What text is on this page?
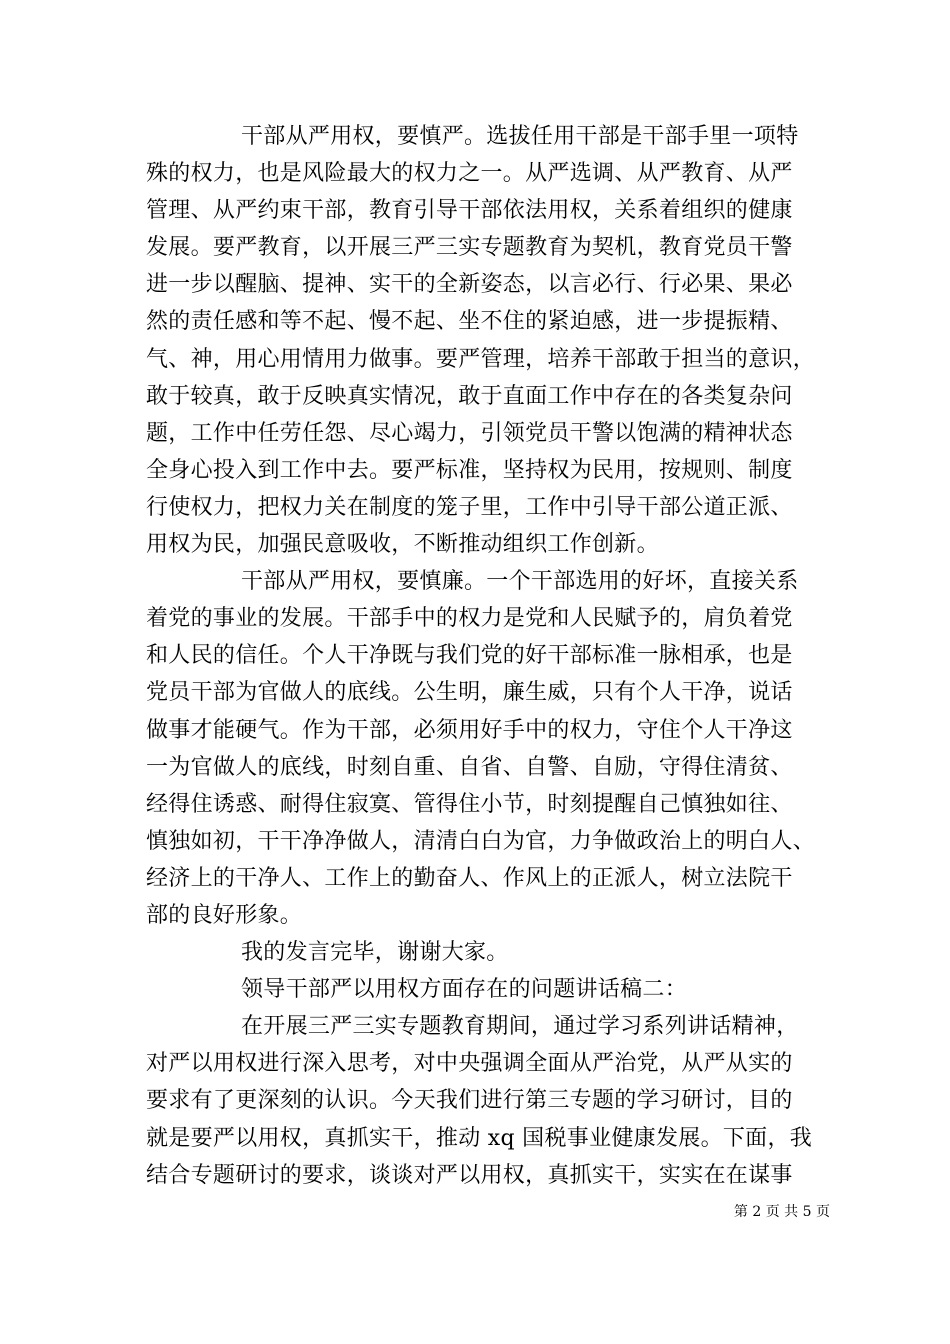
干部从严用权，要慎严。选拔任用干部是干部手里一项特
殊的权力，也是风险最大的权力之一。从严选调、从严教育、从严
管理、从严约束干部，教育引导干部依法用权，关系着组织的健康
发展。要严教育，以开展三严三实专题教育为契机，教育党员干警
进一步以醒脑、提神、实干的全新姿态，以言必行、行必果、果必
然的责任感和等不起、慢不起、坐不住的紧迫感，进一步提振精、
气、神，用心用情用力做事。要严管理，培养干部敢于担当的意识，
敢于较真，敢于反映真实情况，敢于直面工作中存在的各类复杂问
题，工作中任劳任怨、尽心竭力，引领党员干警以饱满的精神状态
全身心投入到工作中去。要严标准，坚持权为民用，按规则、制度
行使权力，把权力关在制度的笼子里，工作中引导干部公道正派、
用权为民，加强民意吸收，不断推动组织工作创新。
干部从严用权，要慎廉。一个干部选用的好坏，直接关系
着党的事业的发展。干部手中的权力是党和人民赋予的，肩负着党
和人民的信任。个人干净既与我们党的好干部标准一脉相承，也是
党员干部为官做人的底线。公生明，廉生威，只有个人干净，说话
做事才能硬气。作为干部，必须用好手中的权力，守住个人干净这
一为官做人的底线，时刻自重、自省、自警、自励，守得住清贫、
经得住诱惑、耐得住寂寞、管得住小节，时刻提醒自己慎独如往、
慎独如初，干干净净做人，清清白白为官，力争做政治上的明白人、
经济上的干净人、工作上的勤奋人、作风上的正派人，树立法院干
部的良好形象。
我的发言完毕，谢谢大家。
领导干部严以用权方面存在的问题讲话稿二：
在开展三严三实专题教育期间，通过学习系列讲话精神，
对严以用权进行深入思考，对中央强调全面从严治党，从严从实的
要求有了更深刻的认识。今天我们进行第三专题的学习研讨，目的
就是要严以用权，真抓实干，推动 xq 国税事业健康发展。下面，我
结合专题研讨的要求，谈谈对严以用权，真抓实干，实实在在谋事
第 2 页 共 5 页
